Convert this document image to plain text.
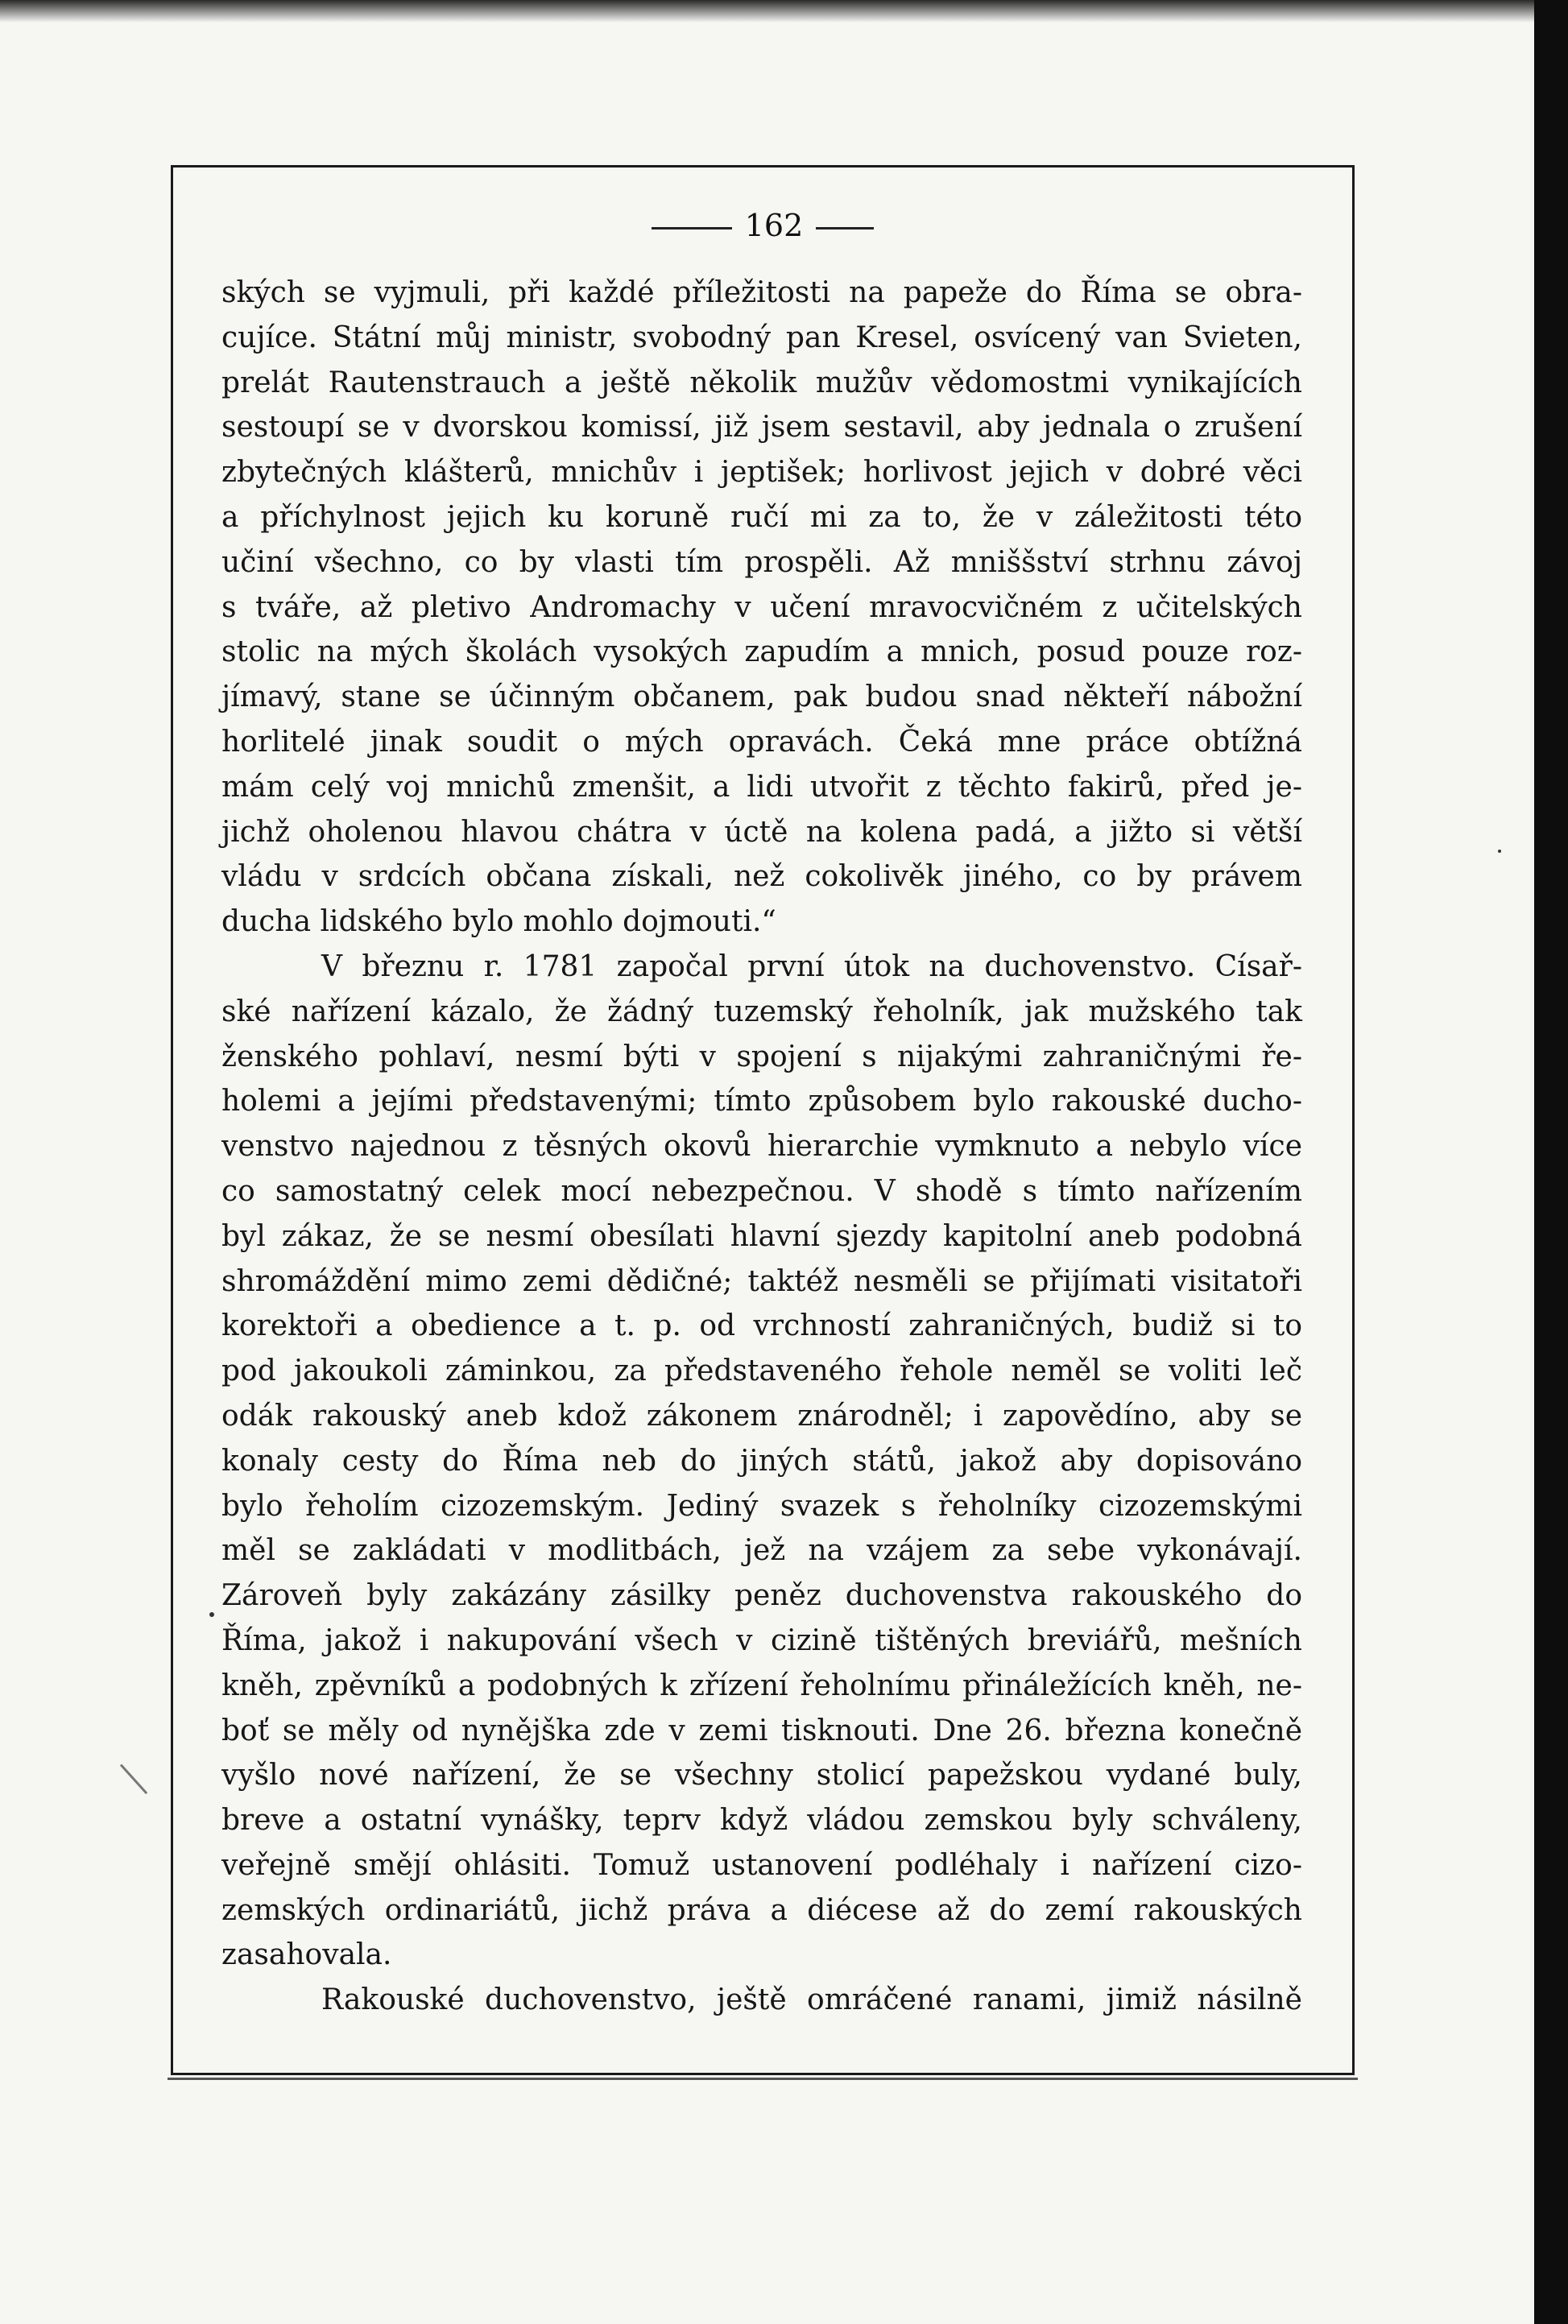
162
ských se vyjmuli, při každé příležitosti na papeže do Říma se obra-
cujíce. Státní můj ministr, svobodný pan Kresel, osvícený van Svieten,
prelát Rautenstrauch a ještě několik mužův vědomostmi vynikajících
sestoupí se v dvorskou komissí, již jsem sestavil, aby jednala o zrušení
zbytečných klášterů, mnichův i jeptišek; horlivost jejich v dobré věci
a příchylnost jejich ku koruně ručí mi za to, že v záležitosti této
učiní všechno, co by vlasti tím prospěli. Až mniššství strhnu závoj
s tváře, až pletivo Andromachy v učení mravocvičném z učitelských
stolic na mých školách vysokých zapudím a mnich, posud pouze roz-
jímavý, stane se účinným občanem, pak budou snad někteří nábožní
horlitelé jinak soudit o mých opravách. Čeká mne práce obtížná
mám celý voj mnichů zmenšit, a lidi utvořit z těchto fakirů, před je-
jichž oholenou hlavou chátra v úctě na kolena padá, a jižto si větší
vládu v srdcích občana získali, než cokolivěk jiného, co by právem
ducha lidského bylo mohlo dojmouti.“
V březnu r. 1781 započal první útok na duchovenstvo. Císař-
ské nařízení kázalo, že žádný tuzemský řeholník, jak mužského tak
ženského pohlaví, nesmí býti v spojení s nijakými zahraničnými ře-
holemi a jejími představenými; tímto způsobem bylo rakouské ducho-
venstvo najednou z těsných okovů hierarchie vymknuto a nebylo více
co samostatný celek mocí nebezpečnou. V shodě s tímto nařízením
byl zákaz, že se nesmí obesílati hlavní sjezdy kapitolní aneb podobná
shromáždění mimo zemi dědičné; taktéž nesměli se přijímati visitatoři
korektoři a obedience a t. p. od vrchností zahraničných, budiž si to
pod jakoukoli záminkou, za představeného řehole neměl se voliti leč
odák rakouský aneb kdož zákonem znárodněl; i zapovědíno, aby se
konaly cesty do Říma neb do jiných států, jakož aby dopisováno
bylo řeholím cizozemským. Jediný svazek s řeholníky cizozemskými
měl se zakládati v modlitbách, jež na vzájem za sebe vykonávají.
Zároveň byly zakázány zásilky peněz duchovenstva rakouského do
Říma, jakož i nakupování všech v cizině tištěných breviářů, mešních
kněh, zpěvníků a podobných k zřízení řeholnímu přináležících kněh, ne-
boť se měly od nynějška zde v zemi tisknouti. Dne 26. března konečně
vyšlo nové nařízení, že se všechny stolicí papežskou vydané buly,
breve a ostatní vynášky, teprv když vládou zemskou byly schváleny,
veřejně smějí ohlásiti. Tomuž ustanovení podléhaly i nařízení cizo-
zemských ordinariátů, jichž práva a diécese až do zemí rakouských
zasahovala.
Rakouské duchovenstvo, ještě omráčené ranami, jimiž násilně
